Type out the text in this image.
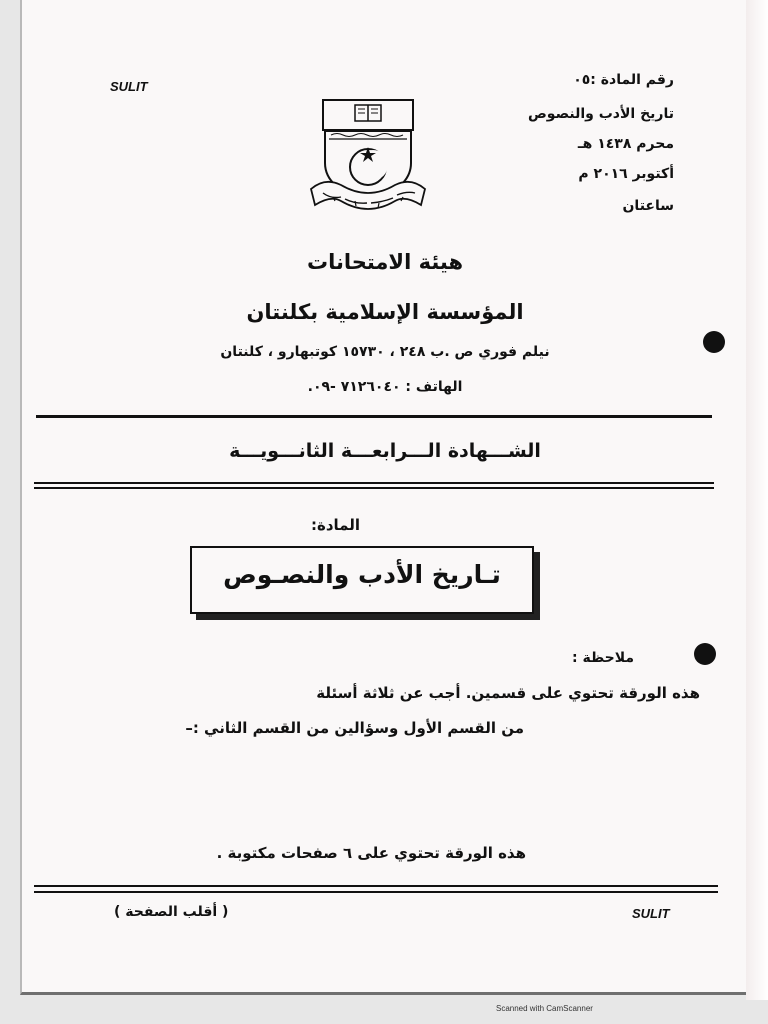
SULIT	رقم المادة :٠٥
تاريخ الأدب والنصوص
محرم ١٤٣٨ هـ
أكتوبر ٢٠١٦ م
ساعتان
هيئة الامتحانات
المؤسسة الإسلامية بكلنتان
نيلم فوري ص .ب ٢٤٨ ، ١٥٧٣٠ كوتبهارو ، كلنتان
الهاتف : ٧١٢٦٠٤٠ -٠٩.
الشـــهادة الـــرابعـــة الثانـــويـــة
المادة:
تـاريخ الأدب والنصـوص
ملاحظة :
هذه الورقة تحتوي على قسمين. أجب عن ثلاثة أسئلة
من القسم الأول وسؤالين من القسم الثاني :–
هذه الورقة تحتوي على ٦ صفحات مكتوبة .
( أقلب الصفحة )	SULIT
Scanned with CamScanner
